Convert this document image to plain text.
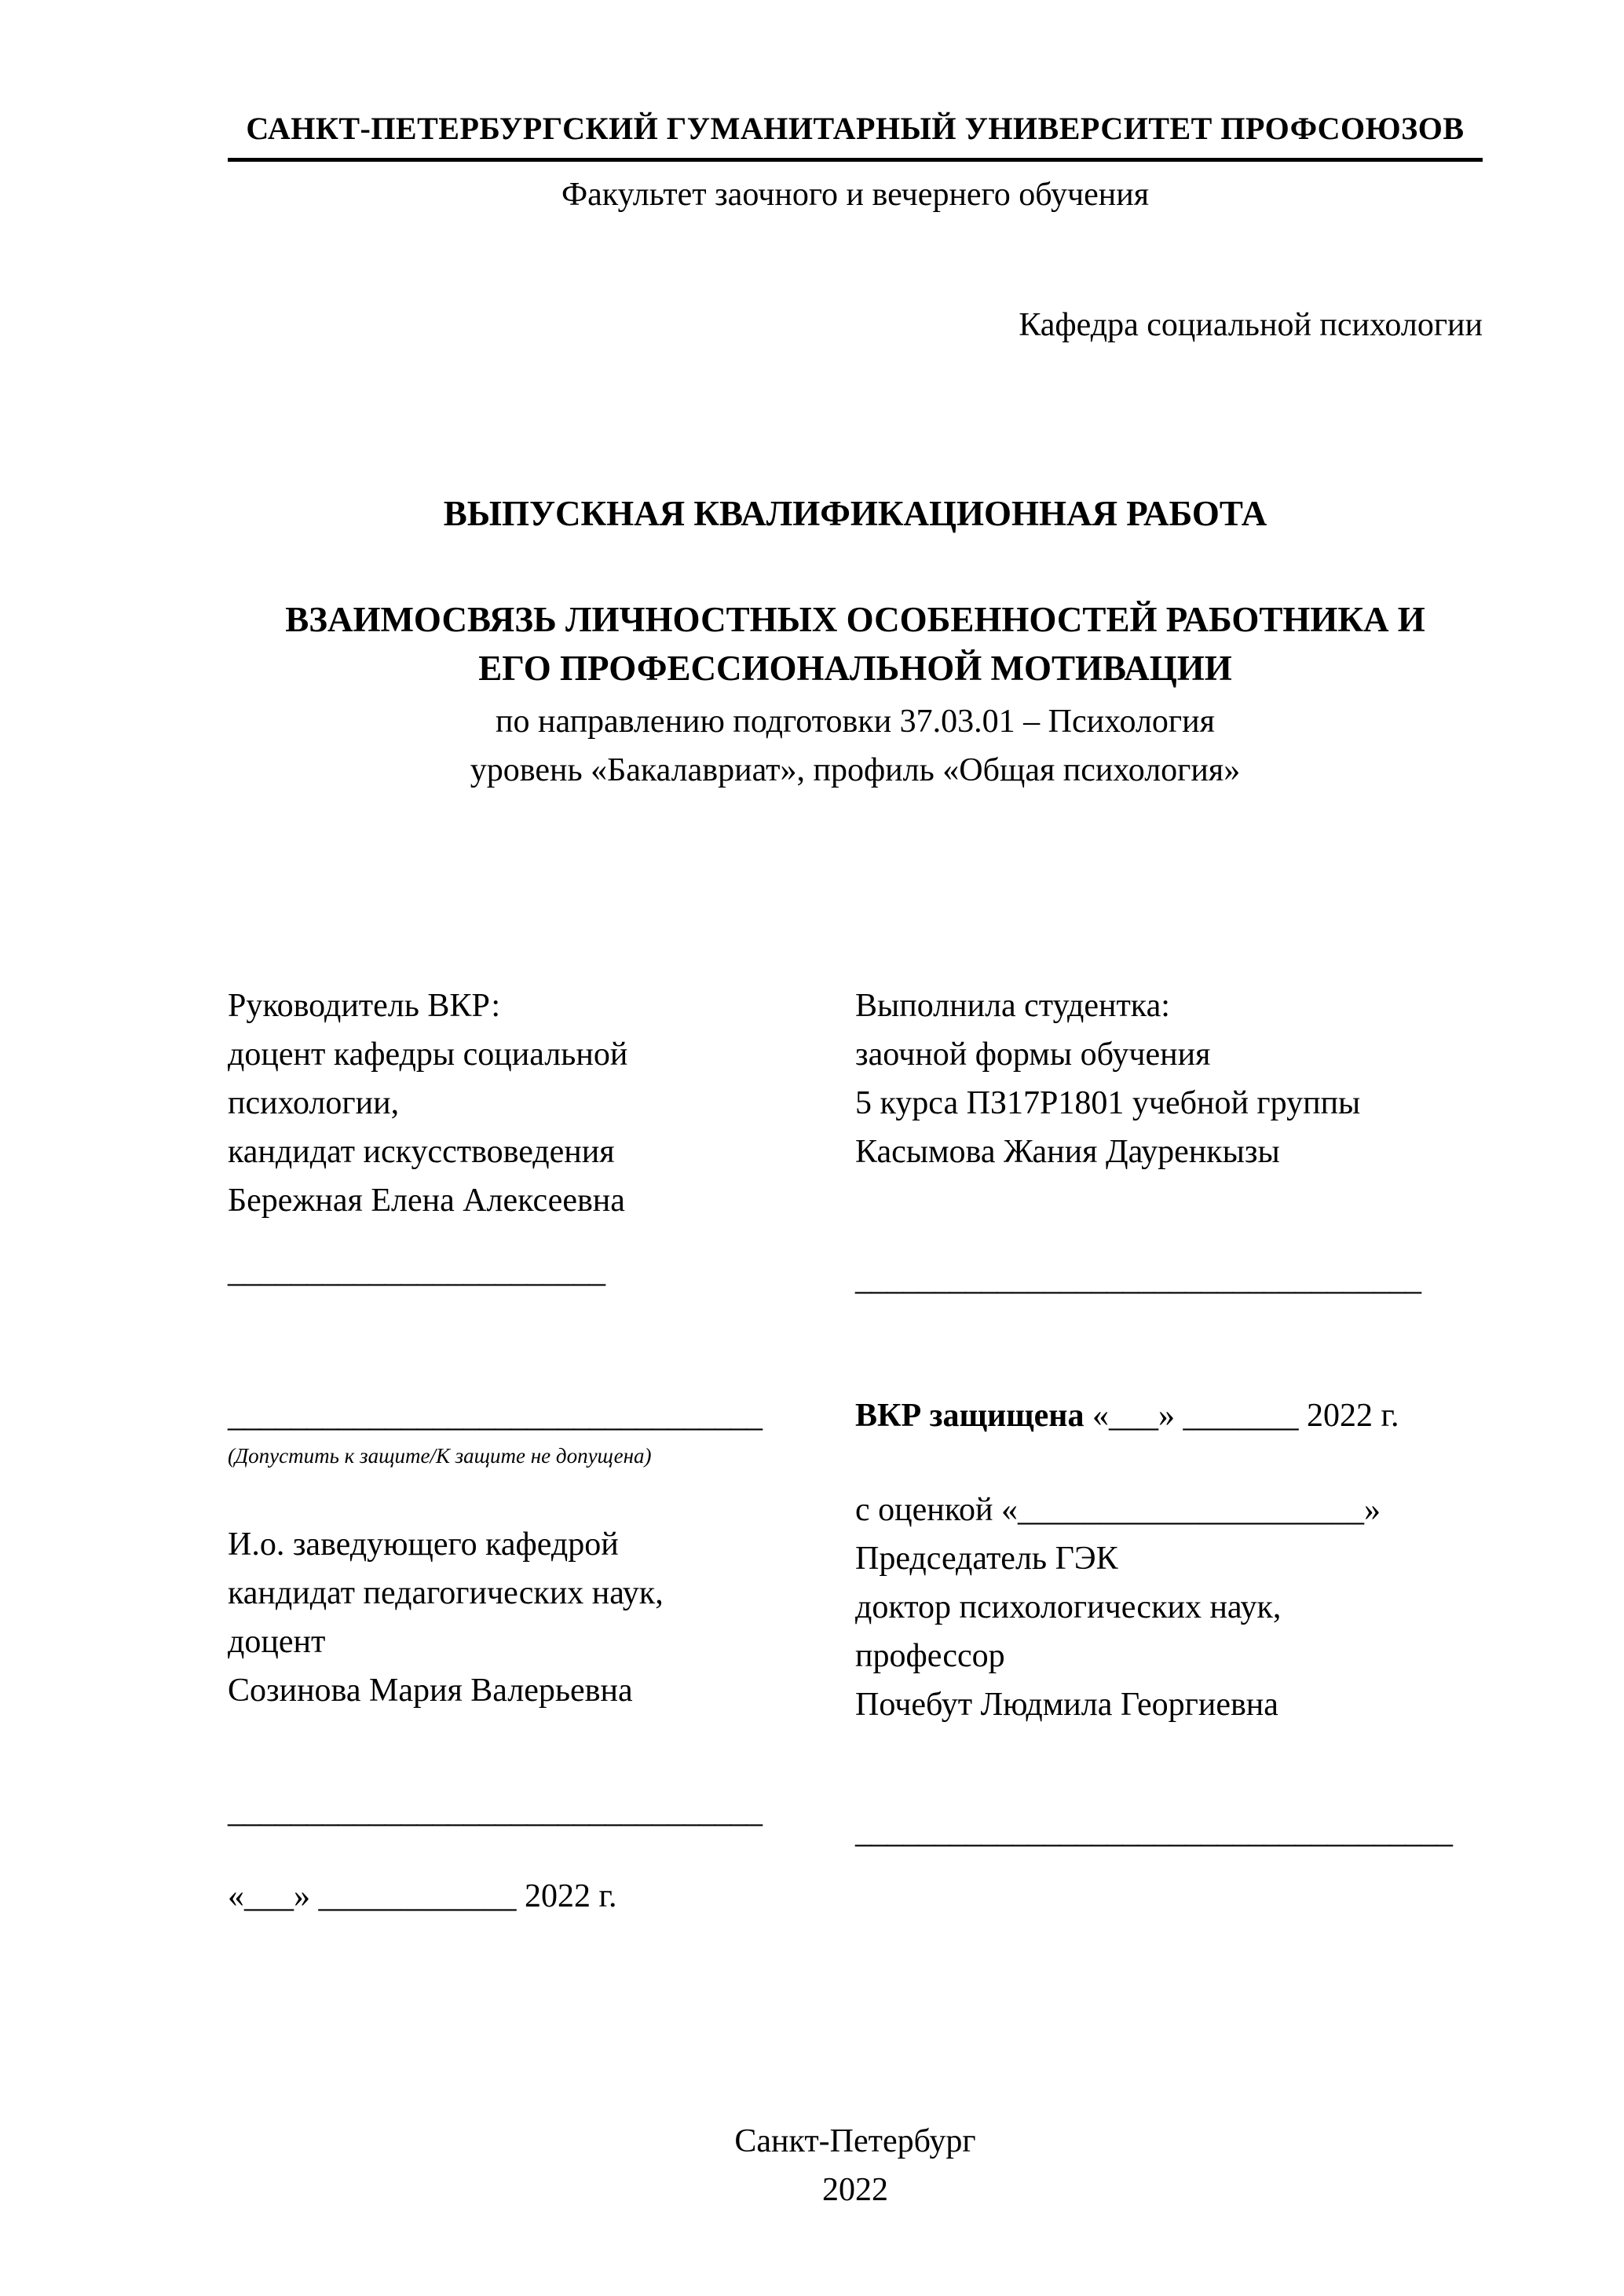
САНКТ-ПЕТЕРБУРГСКИЙ ГУМАНИТАРНЫЙ УНИВЕРСИТЕТ ПРОФСОЮЗОВ
Факультет заочного и вечернего обучения
Кафедра социальной психологии
ВЫПУСКНАЯ КВАЛИФИКАЦИОННАЯ РАБОТА
ВЗАИМОСВЯЗЬ ЛИЧНОСТНЫХ ОСОБЕННОСТЕЙ РАБОТНИКА И
ЕГО ПРОФЕССИОНАЛЬНОЙ МОТИВАЦИИ
по направлению подготовки 37.03.01 – Психология
уровень «Бакалавриат», профиль «Общая психология»
Руководитель ВКР:
доцент кафедры социальной
психологии,
кандидат искусствоведения
Бережная Елена Алексеевна
________________________
Выполнила студентка:
заочной формы обучения
5 курса ПЗ17Р1801 учебной группы
Касымова Жания Дауренкызы
____________________________________
__________________________________
(Допустить к защите/К защите не допущена)
И.о. заведующего кафедрой
кандидат педагогических наук,
доцент
Созинова Мария Валерьевна
__________________________________
«___» ____________ 2022 г.
ВКР защищена «___» _______ 2022 г.
с оценкой «_____________________»
Председатель ГЭК
доктор психологических наук,
профессор
Почебут Людмила Георгиевна
______________________________________
Санкт-Петербург
2022
